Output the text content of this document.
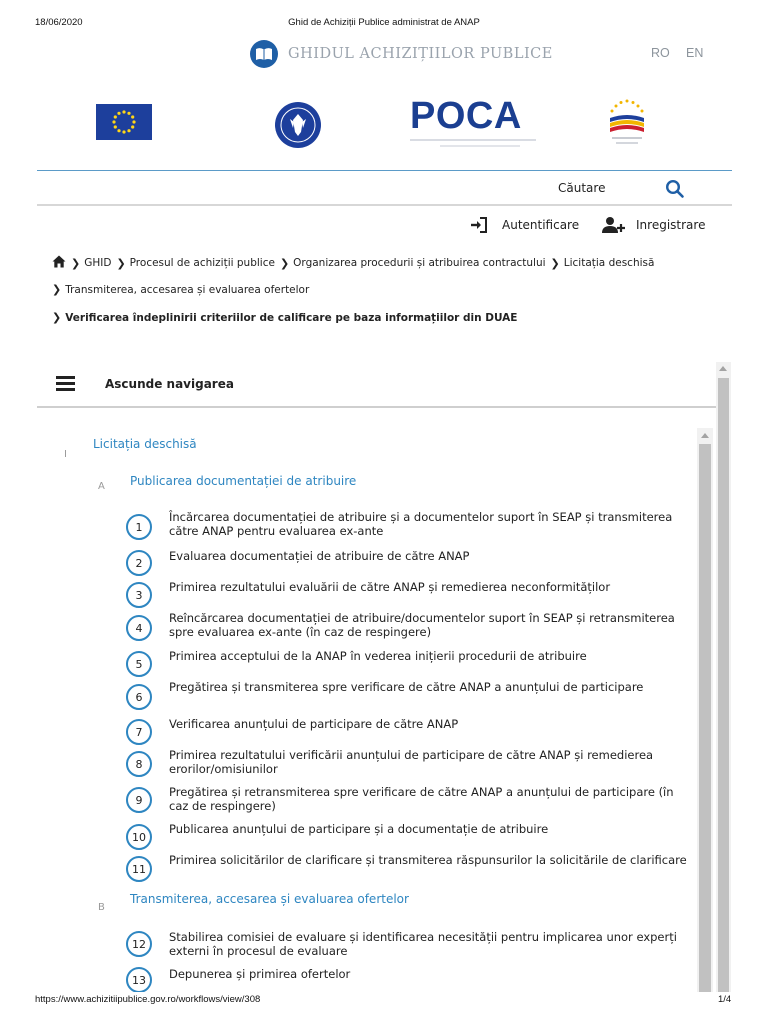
18/06/2020	Ghid de Achiziții Publice administrat de ANAP
GHIDUL ACHIZIȚIILOR PUBLICE	RO EN
POCA
Căutare
Autentificare	Inregistrare
❯ GHID ❯ Procesul de achiziții publice ❯ Organizarea procedurii și atribuirea contractului ❯ Licitația deschisă
❯ Transmiterea, accesarea și evaluarea ofertelor
❯ Verificarea îndeplinirii criteriilor de calificare pe baza informațiilor din DUAE
Ascunde navigarea
I
Licitația deschisă
A Publicarea documentației de atribuire
1
Încărcarea documentației de atribuire și a documentelor suport în SEAP și transmiterea către ANAP pentru evaluarea ex-ante
2	Evaluarea documentației de atribuire de către ANAP
3
Primirea rezultatului evaluării de către ANAP și remedierea neconformităților
4
Reîncărcarea documentației de atribuire/documentelor suport în SEAP și retransmiterea spre evaluarea ex-ante (în caz de respingere)
5
Primirea acceptului de la ANAP în vederea inițierii procedurii de atribuire
6
Pregătirea și transmiterea spre verificare de către ANAP a anunțului de participare
7
Verificarea anunțului de participare de către ANAP
8
Primirea rezultatului verificării anunțului de participare de către ANAP și remedierea erorilor/omisiunilor
9
Pregătirea și retransmiterea spre verificare de către ANAP a anunțului de participare (în caz de respingere)
10
Publicarea anunțului de participare și a documentație de atribuire
11
Primirea solicitărilor de clarificare și transmiterea răspunsurilor la solicitările de clarificare
B
Transmiterea, accesarea și evaluarea ofertelor
12	Stabilirea comisiei de evaluare și identificarea necesității pentru implicarea unor experți externi în procesul de evaluare
13	Depunerea și primirea ofertelor
https://www.achizitiipublice.gov.ro/workflows/view/308	1/4
